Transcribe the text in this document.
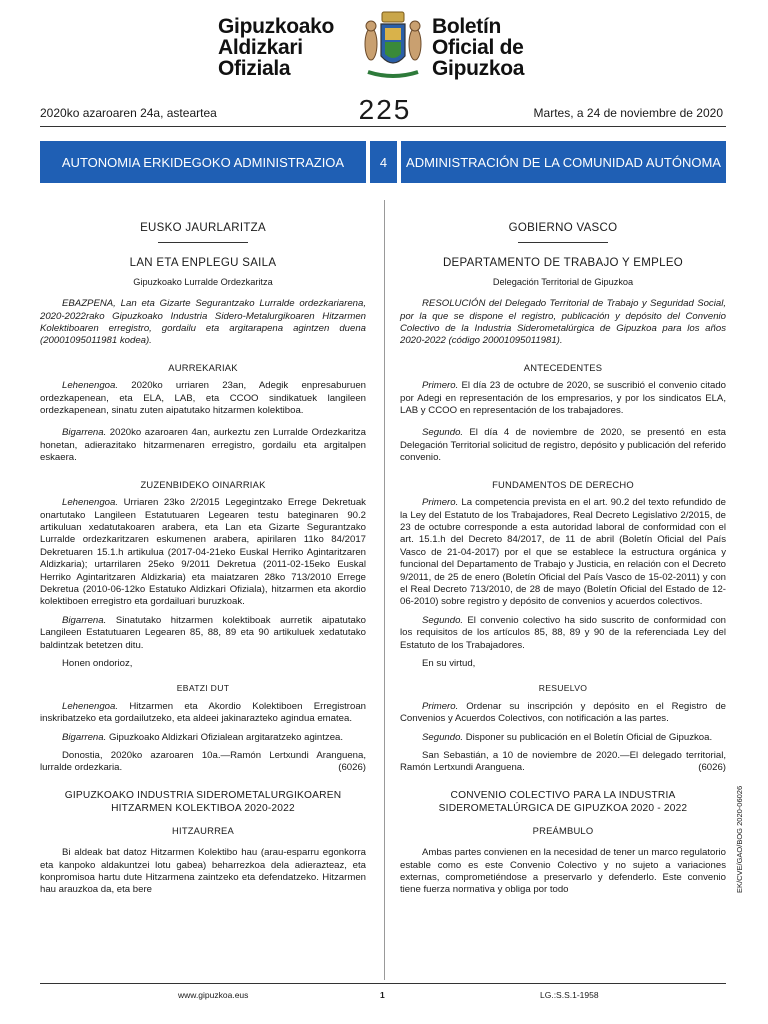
Gipuzkoako
Aldizkari
Ofiziala
Boletín
Oficial de
Gipuzkoa
2020ko azaroaren 24a, asteartea	225	Martes, a 24 de noviembre de 2020
AUTONOMIA ERKIDEGOKO ADMINISTRAZIOA	4	ADMINISTRACIÓN DE LA COMUNIDAD AUTÓNOMA
EUSKO JAURLARITZA
LAN ETA ENPLEGU SAILA
Gipuzkoako Lurralde Ordezkaritza

EBAZPENA, Lan eta Gizarte Segurantzako Lurralde ordezkariarena, 2020-2022rako Gipuzkoako Industria Sidero-Metalurgikoaren Hitzarmen Kolektiboaren erregistro, gordailu eta argitarapena agintzen duena (20001095011981 kodea).

AURREKARIAK

Lehenengoa. 2020ko urriaren 23an, Adegik enpresaburuen ordezkapenean, eta ELA, LAB, eta CCOO sindikatuek langileen ordezkapenean, sinatu zuten aipatutako hitzarmen kolektiboa.

Bigarrena. 2020ko azaroaren 4an, aurkeztu zen Lurralde Ordezkaritza honetan, adierazitako hitzarmenaren erregistro, gordailu eta argitalpen eskaera.

ZUZENBIDEKO OINARRIAK

Lehenengoa. Urriaren 23ko 2/2015 Legegintzako Errege Dekretuak onartutako Langileen Estatutuaren Legearen testu bateginaren 90.2 artikuluan xedatutakoaren arabera, eta Lan eta Gizarte Segurantzako Lurralde ordezkaritzaren eskumenen arabera, apirilaren 11ko 84/2017 Dekretuaren 15.1.h artikulua (2017-04-21eko Euskal Herriko Agintaritzaren Aldizkaria); urtarrilaren 25eko 9/2011 Dekretua (2011-02-15eko Euskal Herriko Agintaritzaren Aldizkaria) eta maiatzaren 28ko 713/2010 Errege Dekretua (2010-06-12ko Estatuko Aldizkari Ofiziala), hitzarmen eta akordio kolektiboen erregistro eta gordailuari buruzkoak.

Bigarrena. Sinatutako hitzarmen kolektiboak aurretik aipatutako Langileen Estatutuaren Legearen 85, 88, 89 eta 90 artikuluek xedatutako baldintzak betetzen ditu.

Honen ondorioz,

EBATZI DUT

Lehenengoa. Hitzarmen eta Akordio Kolektiboen Erregistroan inskribatzeko eta gordailutzeko, eta aldeei jakinarazteko agindua ematea.

Bigarrena. Gipuzkoako Aldizkari Ofizialean argitaratzeko agintzea.

Donostia, 2020ko azaroaren 10a.—Ramón Lertxundi Aranguena, lurralde ordezkaria.	(6026)

GIPUZKOAKO INDUSTRIA SIDEROMETALURGIKOAREN HITZARMEN KOLEKTIBOA 2020-2022
HITZAURREA

Bi aldeak bat datoz Hitzarmen Kolektibo hau (arau-esparru egonkorra eta kanpoko aldakuntzei lotu gabea) beharrezkoa dela adierazteaz, eta konpromisoa hartu dute Hitzarmena zaintzeko eta defendatzeko. Hitzarmen hau arauzkoa da, eta bere

GOBIERNO VASCO
DEPARTAMENTO DE TRABAJO Y EMPLEO
Delegación Territorial de Gipuzkoa

RESOLUCIÓN del Delegado Territorial de Trabajo y Seguridad Social, por la que se dispone el registro, publicación y depósito del Convenio Colectivo de la Industria Siderometalúrgica de Gipuzkoa para los años 2020-2022 (código 20001095011981).

ANTECEDENTES

Primero. El día 23 de octubre de 2020, se suscribió el convenio citado por Adegi en representación de los empresarios, y por los sindicatos ELA, LAB y CCOO en representación de los trabajadores.

Segundo. El día 4 de noviembre de 2020, se presentó en esta Delegación Territorial solicitud de registro, depósito y publicación del referido convenio.

FUNDAMENTOS DE DERECHO

Primero. La competencia prevista en el art. 90.2 del texto refundido de la Ley del Estatuto de los Trabajadores, Real Decreto Legislativo 2/2015, de 23 de octubre corresponde a esta autoridad laboral de conformidad con el art. 15.1.h del Decreto 84/2017, de 11 de abril (Boletín Oficial del País Vasco de 21-04-2017) por el que se establece la estructura orgánica y funcional del Departamento de Trabajo y Justicia, en relación con el Decreto 9/2011, de 25 de enero (Boletín Oficial del País Vasco de 15-02-2011) y con el Real Decreto 713/2010, de 28 de mayo (Boletín Oficial del Estado de 12-06-2010) sobre registro y depósito de convenios y acuerdos colectivos.

Segundo. El convenio colectivo ha sido suscrito de conformidad con los requisitos de los artículos 85, 88, 89 y 90 de la referenciada Ley del Estatuto de los Trabajadores.

En su virtud,

RESUELVO

Primero. Ordenar su inscripción y depósito en el Registro de Convenios y Acuerdos Colectivos, con notificación a las partes.

Segundo. Disponer su publicación en el Boletín Oficial de Gipuzkoa.

San Sebastián, a 10 de noviembre de 2020.—El delegado territorial, Ramón Lertxundi Aranguena.	(6026)

CONVENIO COLECTIVO PARA LA INDUSTRIA SIDEROMETALÚRGICA DE GIPUZKOA 2020 - 2022
PREÁMBULO

Ambas partes convienen en la necesidad de tener un marco regulatorio estable como es este Convenio Colectivo y no sujeto a variaciones externas, comprometiéndose a preservarlo y defenderlo. Este convenio tiene fuerza normativa y obliga por todo

www.gipuzkoa.eus	1	LG.:S.S.1-1958
EK/CVE/GAO/BOG 2020-06026
